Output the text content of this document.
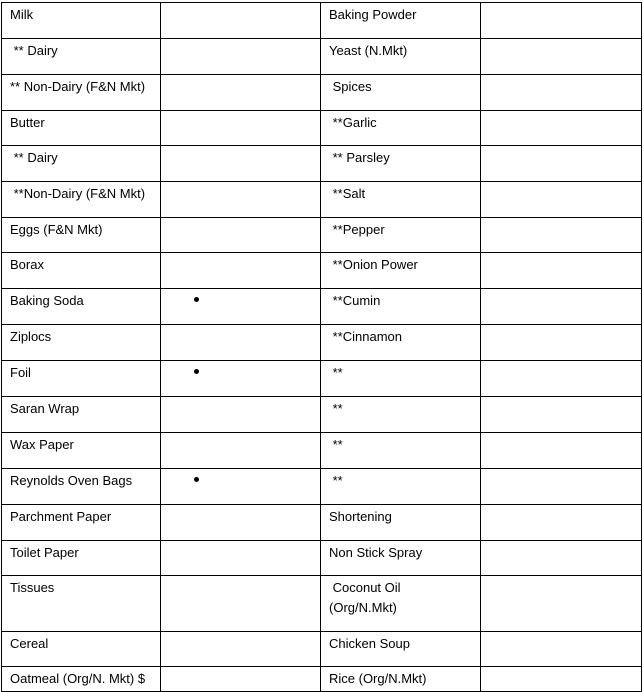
Milk		Baking Powder	

** Dairy		Yeast (N.Mkt)	

** Non-Dairy (F&N Mkt)		Spices	

Butter		**Garlic	

** Dairy		** Parsley	

**Non-Dairy (F&N Mkt)		**Salt	

Eggs (F&N Mkt)		**Pepper	

Borax		**Onion Power	

Baking Soda		**Cumin	

Ziplocs		**Cinnamon	

Foil		**	

Saran Wrap		**	

Wax Paper		**	

Reynolds Oven Bags		**	

Parchment Paper		Shortening	

Toilet Paper		Non Stick Spray	

Tissues		Coconut Oil
(Org/N.Mkt)	

Cereal		Chicken Soup	

Oatmeal (Org/N. Mkt) $		Rice (Org/N.Mkt)	
